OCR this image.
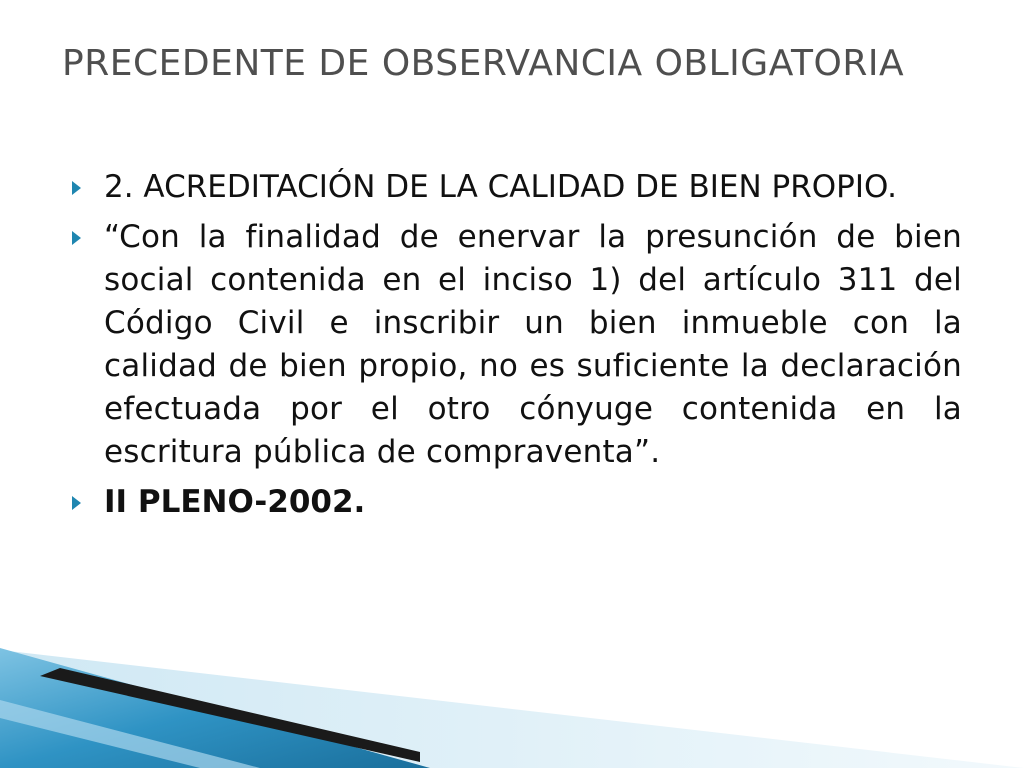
PRECEDENTE DE OBSERVANCIA OBLIGATORIA
2. ACREDITACIÓN DE LA CALIDAD DE BIEN PROPIO.
“Con la finalidad de enervar la presunción de bien social contenida en el inciso 1) del artículo 311 del Código Civil e inscribir un bien inmueble con la calidad de bien propio, no es suficiente la declaración efectuada por el otro cónyuge contenida en la escritura pública de compraventa”.
II PLENO-2002.
